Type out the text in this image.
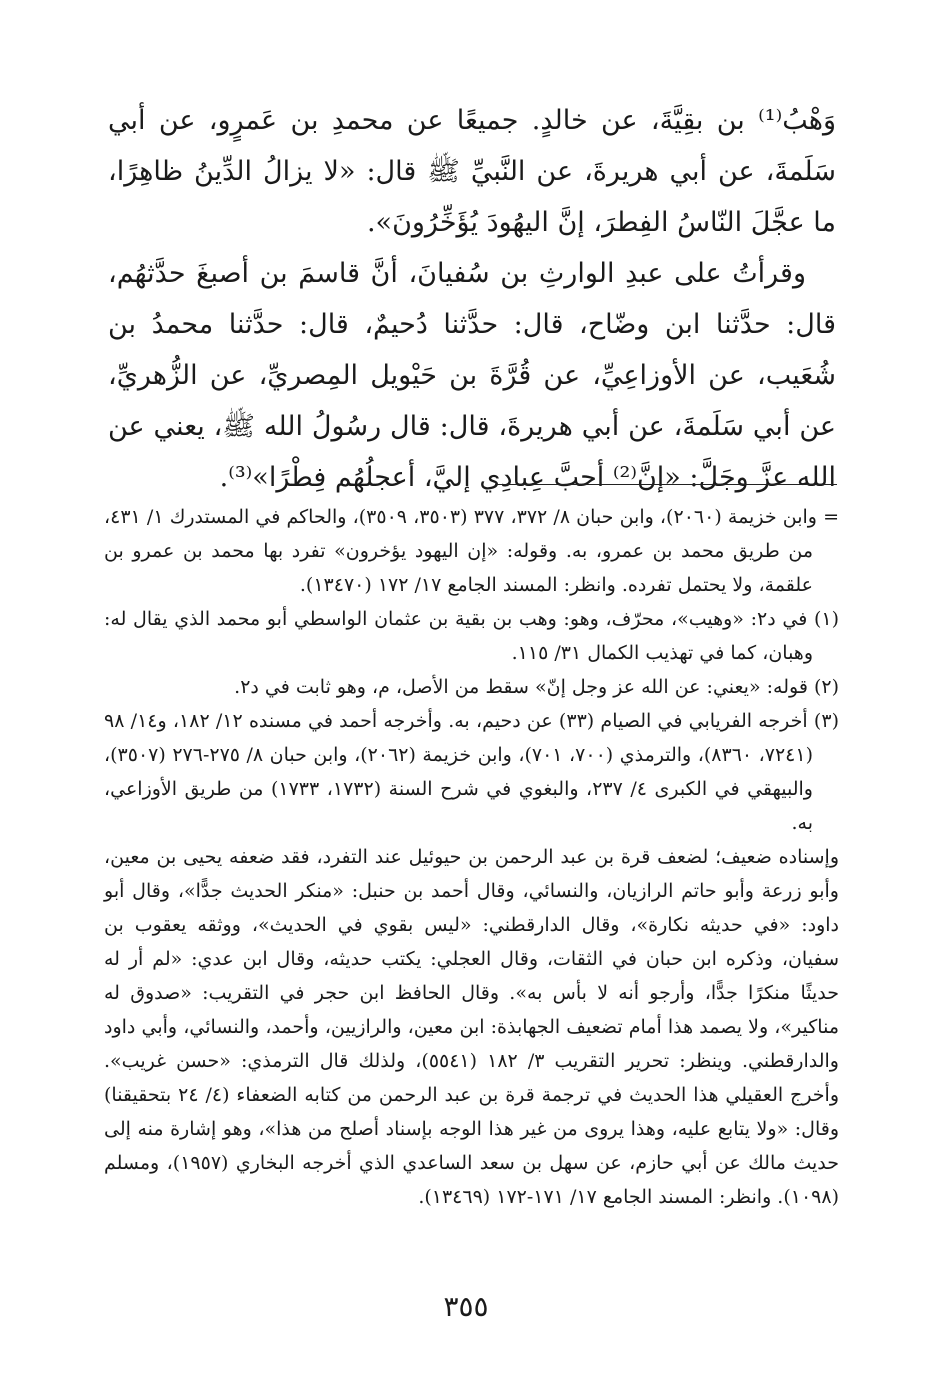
وَهْبُ⁽¹⁾ بن بقِيَّةَ، عن خالدٍ. جميعًا عن محمدِ بن عَمرٍو، عن أبي سَلَمةَ، عن أبي هريرةَ، عن النَّبيِّ ﷺ قال: «لا يزالُ الدِّينُ ظاهِرًا، ما عجَّلَ النّاسُ الفِطرَ، إنَّ اليهُودَ يُؤَخِّرُونَ».

وقرأتُ على عبدِ الوارثِ بن سُفيانَ، أنَّ قاسمَ بن أصبغَ حدَّثهُم، قال: حدَّثنا ابن وضّاح، قال: حدَّثنا دُحيمٌ، قال: حدَّثنا محمدُ بن شُعَيب، عن الأوزاعِيِّ، عن قُرَّةَ بن حَيْويل المِصريِّ، عن الزُّهريِّ، عن أبي سَلَمةَ، عن أبي هريرةَ، قال: قال رسُولُ الله ﷺ، يعني عن الله عزَّ وجَلَّ: «إنَّ⁽²⁾ أحبَّ عِبادِي إليَّ، أعجلُهُم فِطْرًا»⁽³⁾.

= وابن خزيمة (٢٠٦٠)، وابن حبان ٨/ ٣٧٢، ٣٧٧ (٣٥٠٣، ٣٥٠٩)، والحاكم في المستدرك ١/ ٤٣١، من طريق محمد بن عمرو، به. وقوله: «إن اليهود يؤخرون» تفرد بها محمد بن عمرو بن علقمة، ولا يحتمل تفرده. وانظر: المسند الجامع ١٧/ ١٧٢ (١٣٤٧٠).

(١) في د٢: «وهيب»، محرّف، وهو: وهب بن بقية بن عثمان الواسطي أبو محمد الذي يقال له: وهبان، كما في تهذيب الكمال ٣١/ ١١٥.

(٢) قوله: «يعني: عن الله عز وجل إنّ» سقط من الأصل، م، وهو ثابت في د٢.

(٣) أخرجه الفريابي في الصيام (٣٣) عن دحيم، به. وأخرجه أحمد في مسنده ١٢/ ١٨٢، و١٤/ ٩٨ (٧٢٤١، ٨٣٦٠)، والترمذي (٧٠٠، ٧٠١)، وابن خزيمة (٢٠٦٢)، وابن حبان ٨/ ٢٧٥-٢٧٦ (٣٥٠٧)، والبيهقي في الكبرى ٤/ ٢٣٧، والبغوي في شرح السنة (١٧٣٢، ١٧٣٣) من طريق الأوزاعي، به.

وإسناده ضعيف؛ لضعف قرة بن عبد الرحمن بن حيوئيل عند التفرد، فقد ضعفه يحيى بن معين، وأبو زرعة وأبو حاتم الرازيان، والنسائي، وقال أحمد بن حنبل: «منكر الحديث جدًّا»، وقال أبو داود: «في حديثه نكارة»، وقال الدارقطني: «ليس بقوي في الحديث»، ووثقه يعقوب بن سفيان، وذكره ابن حبان في الثقات، وقال العجلي: يكتب حديثه، وقال ابن عدي: «لم أر له حديثًا منكرًا جدًّا، وأرجو أنه لا بأس به». وقال الحافظ ابن حجر في التقريب: «صدوق له مناكير»، ولا يصمد هذا أمام تضعيف الجهابذة: ابن معين، والرازيين، وأحمد، والنسائي، وأبي داود والدارقطني. وينظر: تحرير التقريب ٣/ ١٨٢ (٥٥٤١)، ولذلك قال الترمذي: «حسن غريب». وأخرج العقيلي هذا الحديث في ترجمة قرة بن عبد الرحمن من كتابه الضعفاء (٤/ ٢٤ بتحقيقنا) وقال: «ولا يتابع عليه، وهذا يروى من غير هذا الوجه بإسناد أصلح من هذا»، وهو إشارة منه إلى حديث مالك عن أبي حازم، عن سهل بن سعد الساعدي الذي أخرجه البخاري (١٩٥٧)، ومسلم (١٠٩٨). وانظر: المسند الجامع ١٧/ ١٧١-١٧٢ (١٣٤٦٩).

٣٥٥
